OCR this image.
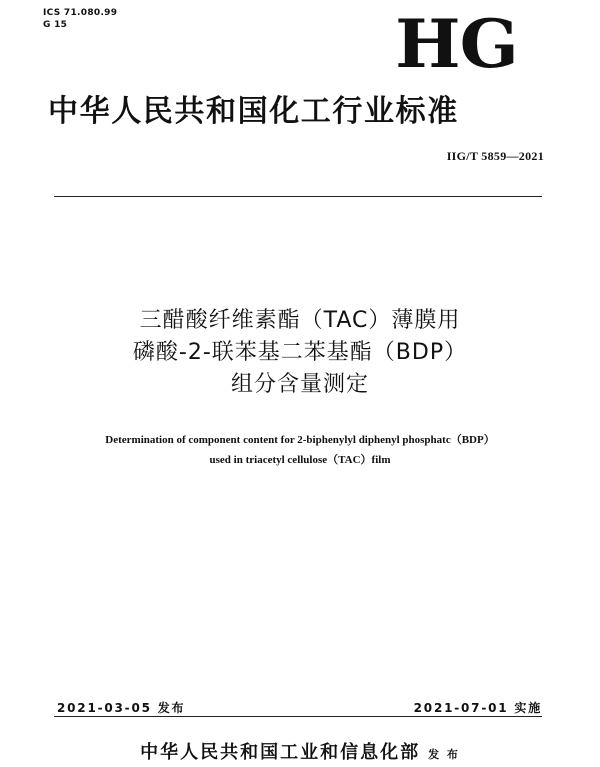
ICS 71.080.99
G 15	HG
中华人民共和国化工行业标准
IIG/T 5859—2021
三醋酸纤维素酯（TAC）薄膜用
磷酸-2-联苯基二苯基酯（BDP）
组分含量测定
Determination of component content for 2-biphenylyl diphenyl phosphatc（BDP）
used in triacetyl cellulose（TAC）film
2021-03-05 发布	2021-07-01 实施
中华人民共和国工业和信息化部 发 布
